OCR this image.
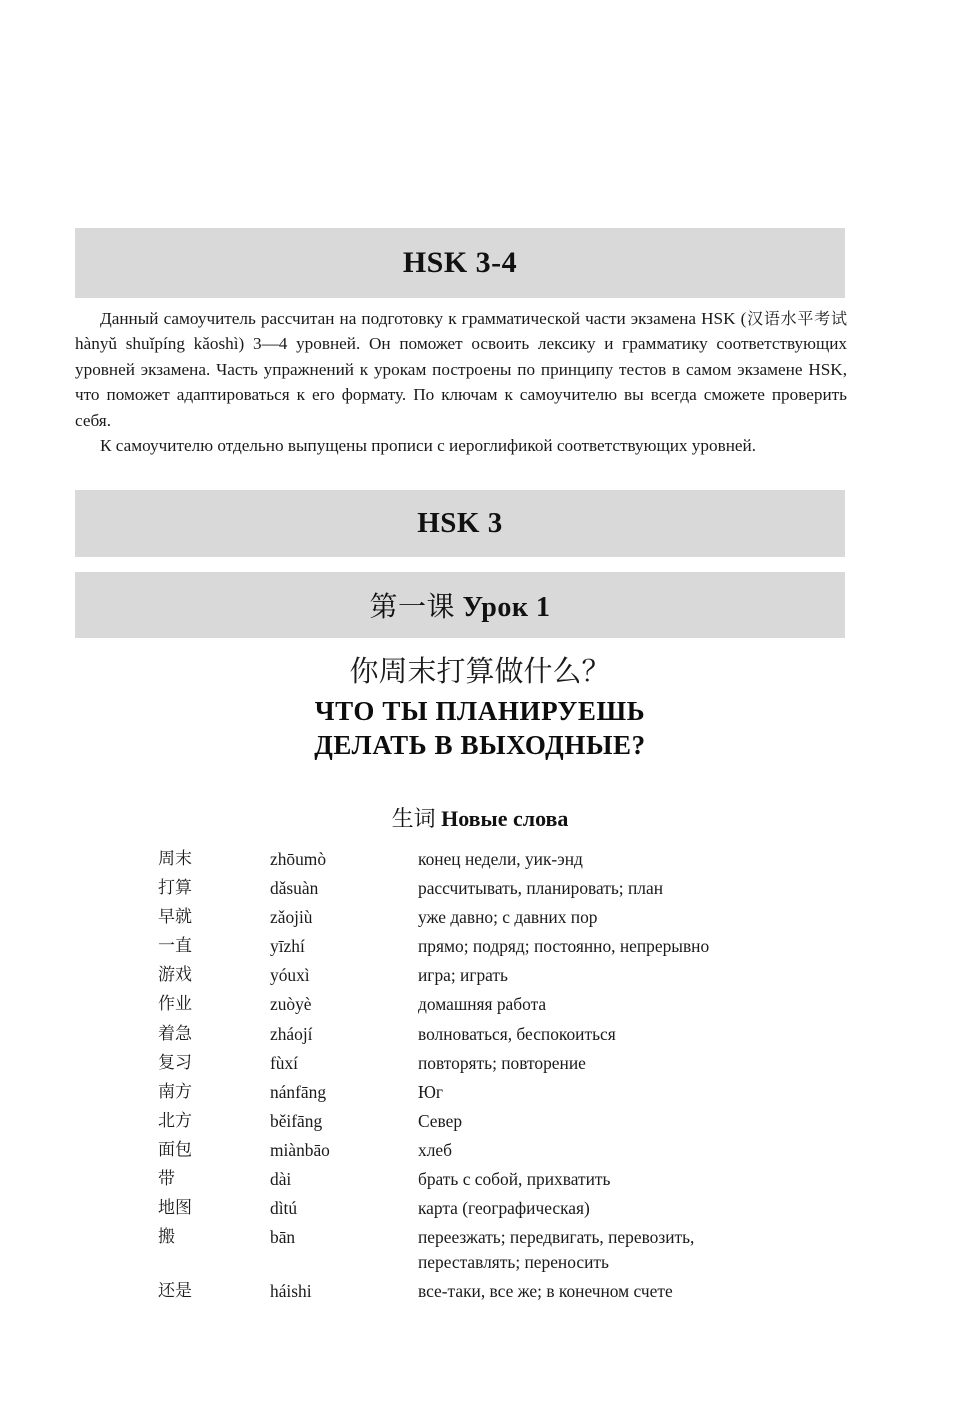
HSK 3-4

Данный самоучитель рассчитан на подготовку к грамматической части экзамена HSK (汉语水平考试 hànyǔ shuǐpíng kǎoshì) 3—4 уровней. Он поможет освоить лексику и грамматику соответствующих уровней экзамена. Часть упражнений к урокам построены по принципу тестов в самом экзамене HSK, что поможет адаптироваться к его формату. По ключам к самоучителю вы всегда сможете проверить себя.

К самоучителю отдельно выпущены прописи с иероглификой соответствующих уровней.

HSK 3
第一课 Урок 1
你周末打算做什么？
ЧТО ТЫ ПЛАНИРУЕШЬ
ДЕЛАТЬ В ВЫХОДНЫЕ?
生词 Новые слова
周末	zhōumò	конец недели, уик-энд
打算	dǎsuàn	рассчитывать, планировать; план
早就	zǎojiù	уже давно; с давних пор
一直	yīzhí	прямо; подряд; постоянно, непрерывно
游戏	yóuxì	игра; играть
作业	zuòyè	домашняя работа
着急	zháojí	волноваться, беспокоиться
复习	fùxí	повторять; повторение
南方	nánfāng	Юг
北方	běifāng	Север
面包	miànbāo	хлеб
带	dài	брать с собой, прихватить
地图	dìtú	карта (географическая)
搬	bān	переезжать; передвигать, перевозить,
переставлять; переносить
还是	háishi	все-таки, все же; в конечном счете
